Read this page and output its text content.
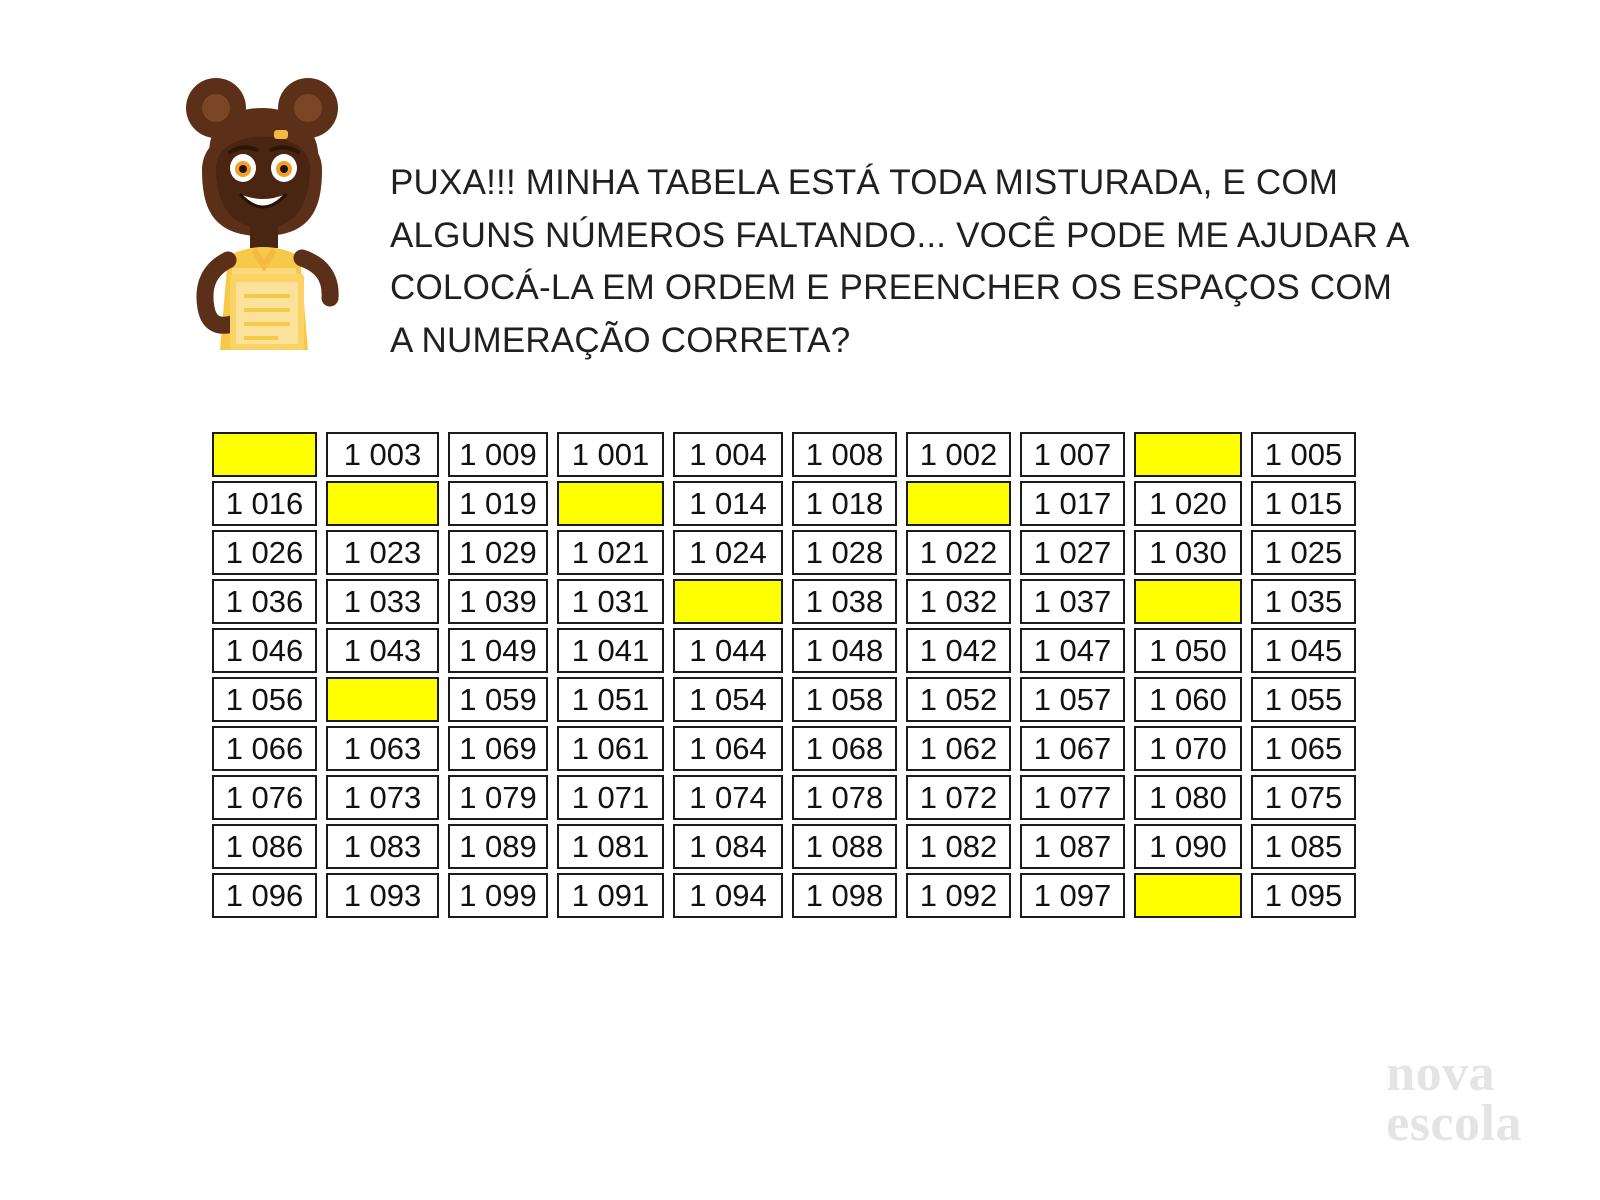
PUXA!!! MINHA TABELA ESTÁ TODA MISTURADA, E COM ALGUNS NÚMEROS FALTANDO... VOCÊ PODE ME AJUDAR A COLOCÁ-LA EM ORDEM E PREENCHER OS ESPAÇOS COM A NUMERAÇÃO CORRETA?

1 016
1 026
1 036
1 046
1 056
1 066
1 076
1 086
1 096
1 003
1 023
1 033
1 043
1 063
1 073
1 083
1 093
1 009
1 019
1 029
1 039
1 049
1 059
1 069
1 079
1 089
1 099
1 001
1 021
1 031
1 041
1 051
1 061
1 071
1 081
1 091
1 004
1 014
1 024
1 044
1 054
1 064
1 074
1 084
1 094
1 008
1 018
1 028
1 038
1 048
1 058
1 068
1 078
1 088
1 098
1 002
1 022
1 032
1 042
1 052
1 062
1 072
1 082
1 092
1 007
1 017
1 027
1 037
1 047
1 057
1 067
1 077
1 087
1 097
1 020
1 030
1 050
1 060
1 070
1 080
1 090
1 005
1 015
1 025
1 035
1 045
1 055
1 065
1 075
1 085
1 095
nova
escola
